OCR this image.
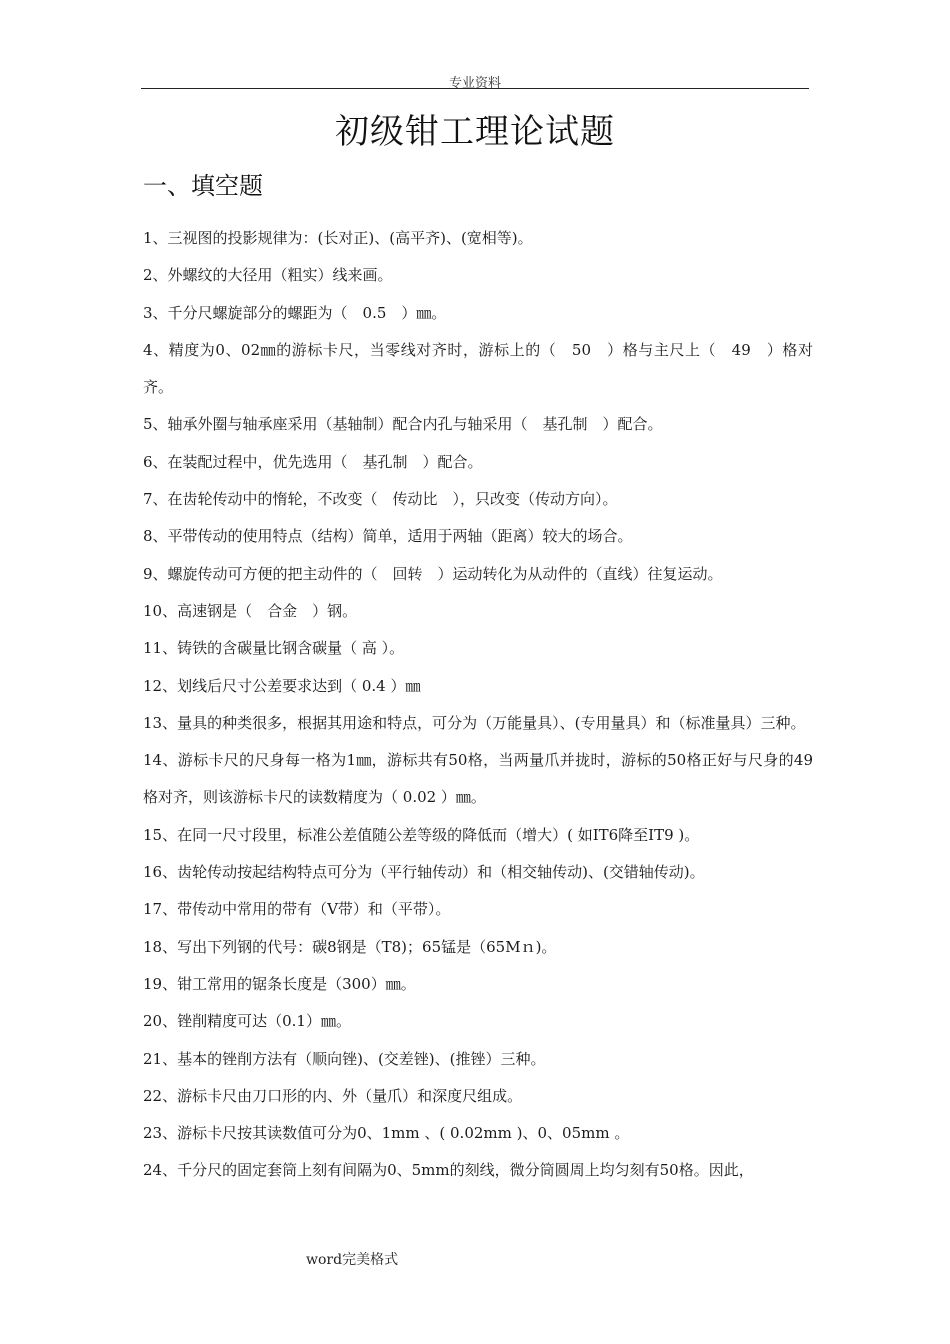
专业资料
初级钳工理论试题
一、填空题

1、三视图的投影规律为：(长对正)、(高平齐)、(宽相等)。

2、外螺纹的大径用（粗实）线来画。

3、千分尺螺旋部分的螺距为（　0.5　）㎜。

4、精度为0、02㎜的游标卡尺，当零线对齐时，游标上的（　50　）格与主尺上（　49　）格对齐。

5、轴承外圈与轴承座采用（基轴制）配合内孔与轴采用（　基孔制　）配合。

6、在装配过程中，优先选用（　基孔制　）配合。

7、在齿轮传动中的惰轮，不改变（　传动比　），只改变（传动方向）。

8、平带传动的使用特点（结构）简单，适用于两轴（距离）较大的场合。

9、螺旋传动可方便的把主动件的（　回转　）运动转化为从动件的（直线）往复运动。

10、高速钢是（　合金　）钢。

11、铸铁的含碳量比钢含碳量（ 高 ）。

12、划线后尺寸公差要求达到（ 0.4 ）㎜

13、量具的种类很多，根据其用途和特点，可分为（万能量具）、(专用量具）和（标准量具）三种。

14、游标卡尺的尺身每一格为1㎜，游标共有50格，当两量爪并拢时，游标的50格正好与尺身的49格对齐，则该游标卡尺的读数精度为（ 0.02 ）㎜。

15、在同一尺寸段里，标准公差值随公差等级的降低而（增大）( 如IT6降至IT9 )。

16、齿轮传动按起结构特点可分为（平行轴传动）和（相交轴传动)、(交错轴传动)。

17、带传动中常用的带有（V带）和（平带）。

18、写出下列钢的代号：碳8钢是（T8)；65锰是（65Mｎ)。

19、钳工常用的锯条长度是（300）㎜。

20、锉削精度可达（0.1）㎜。

21、基本的锉削方法有（顺向锉)、(交差锉)、(推锉）三种。

22、游标卡尺由刀口形的内、外（量爪）和深度尺组成。

23、游标卡尺按其读数值可分为0、1mm 、( 0.02mm )、0、05mm 。

24、千分尺的固定套筒上刻有间隔为0、5mm的刻线，微分筒圆周上均匀刻有50格。因此，

word完美格式
